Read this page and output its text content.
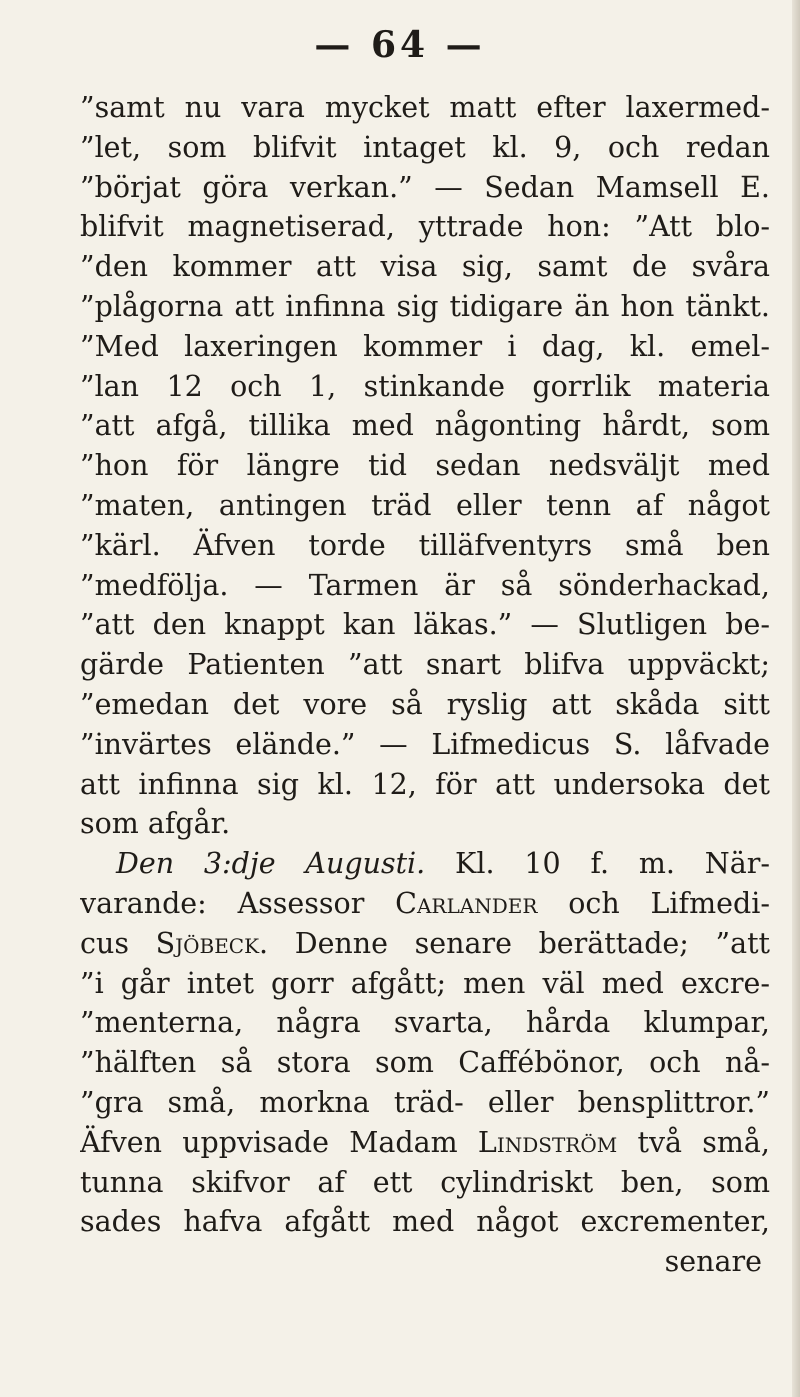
— 64 —
”samt nu vara mycket matt efter laxermed-
”let, som blifvit intaget kl. 9, och redan
”börjat göra verkan.” — Sedan Mamsell E.
blifvit magnetiserad, yttrade hon: ”Att blo-
”den kommer att visa sig, samt de svåra
”plågorna att infinna sig tidigare än hon tänkt.
”Med laxeringen kommer i dag, kl. emel-
”lan 12 och 1, stinkande gorrlik materia
”att afgå, tillika med någonting hårdt, som
”hon för längre tid sedan nedsväljt med
”maten, antingen träd eller tenn af något
”kärl. Äfven torde tilläfventyrs små ben
”medfölja. — Tarmen är så sönderhackad,
”att den knappt kan läkas.” — Slutligen be-
gärde Patienten ”att snart blifva uppväckt;
”emedan det vore så ryslig att skåda sitt
”invärtes elände.” — Lifmedicus S. låfvade
att infinna sig kl. 12, för att undersoka det
som afgår.
Den 3:dje Augusti. Kl. 10 f. m. När-
varande: Assessor Carlander och Lifmedi-
cus Sjöbeck. Denne senare berättade; ”att
”i går intet gorr afgått; men väl med excre-
”menterna, några svarta, hårda klumpar,
”hälften så stora som Caffébönor, och nå-
”gra små, morkna träd- eller bensplittror.”
Äfven uppvisade Madam Lindström två små,
tunna skifvor af ett cylindriskt ben, som
sades hafva afgått med något excrementer,
senare
